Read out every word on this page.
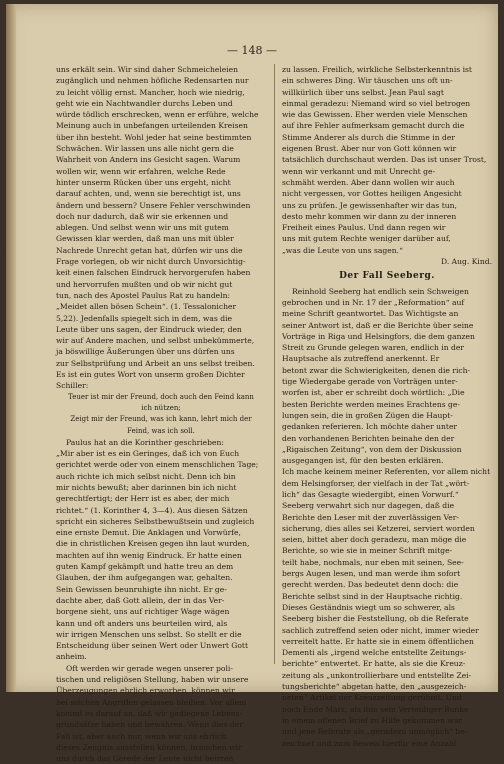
— 148 —
uns erkält sein. Wir sind daher Schmeicheleien
zugänglich und nehmen höfliche Redensarten nur
zu leicht völlig ernst. Mancher, hoch wie niedrig,
geht wie ein Nachtwandler durchs Leben und
würde tödlich erschrecken, wenn er erführe, welche
Meinung auch in unbefangen urteilenden Kreisen
über ihn besteht. Wohl jeder hat seine bestimmten
Schwächen. Wir lassen uns alle nicht gern die
Wahrheit von Andern ins Gesicht sagen. Warum
wollen wir, wenn wir erfahren, welche Rede
hinter unserm Rücken über uns ergeht, nicht
darauf achten, und, wenn sie berechtigt ist, uns
ändern und bessern? Unsere Fehler verschwinden
doch nur dadurch, daß wir sie erkennen und
ablegen. Und selbst wenn wir uns mit gutem
Gewissen klar werden, daß man uns mit übler
Nachrede Unrecht getan hat, dürfen wir uns die
Frage vorlegen, ob wir nicht durch Unvorsichtig-
keit einen falschen Eindruck hervorgerufen haben
und hervorrufen mußten und ob wir nicht gut
tun, nach des Apostel Paulus Rat zu handeln:
„Meidet allen bösen Schein“. (1. Tessalonicher
5,22). Jedenfalls spiegelt sich in dem, was die
Leute über uns sagen, der Eindruck wieder, den
wir auf Andere machen, und selbst unbekümmerte,
ja böswillige Äußerungen über uns dürfen uns
zur Selbstprüfung und Arbeit an uns selbst treiben.
Es ist ein gutes Wort von unserm großen Dichter
Schiller:
Teuer ist mir der Freund, doch auch den Feind kann
ich nützen;
Zeigt mir der Freund, was ich kann, lehrt mich der
Feind, was ich soll.
Paulus hat an die Korinther geschrieben:
„Mir aber ist es ein Geringes, daß ich von Euch
gerichtet werde oder von einem menschlichen Tage;
auch richte ich mich selbst nicht. Denn ich bin
mir nichts bewußt; aber darinnen bin ich nicht
gerechtfertigt; der Herr ist es aber, der mich
richtet.“ (1. Korinther 4, 3—4). Aus diesen Sätzen
spricht ein sicheres Selbstbewußtsein und zugleich
eine ernste Demut. Die Anklagen und Vorwürfe,
die in christlichen Kreisen gegen ihn laut wurden,
machten auf ihn wenig Eindruck. Er hatte einen
guten Kampf gekämpft und hatte treu an dem
Glauben, der ihm aufgegangen war, gehalten.
Sein Gewissen beunruhigte ihn nicht. Er ge-
dachte aber, daß Gott allein, der in das Ver-
borgene sieht, uns auf richtiger Wage wägen
kann und oft anders uns beurteilen wird, als
wir irrigen Menschen uns selbst. So stellt er die
Entscheidung über seinen Wert oder Unwert Gott
anheim.
Oft werden wir gerade wegen unserer poli-
tischen und religiösen Stellung, haben wir unsere
Überzeugungen ehrlich erworben, können wir
bei solchen Angriffen gelassen bleiben. Vor allem
kommt es darauf an, daß wir gediegene Lebens-
grundsätze haben und bewähren. Wenn dies der
Fall ist, aber auch nur, wenn wir uns ehrlich
dieses Zeugnis ausstellen können, brauchen wir
uns durch das Gerede der Leute nicht beirren
zu lassen. Freilich, wirkliche Selbsterkenntnis ist
ein schweres Ding. Wir täuschen uns oft un-
willkürlich über uns selbst. Jean Paul sagt
einmal geradezu: Niemand wird so viel betrogen
wie das Gewissen. Eher werden viele Menschen
auf ihre Fehler aufmerksam gemacht durch die
Stimme Anderer als durch die Stimme in der
eigenen Brust. Aber nur von Gott können wir
tatsächlich durchschaut werden. Das ist unser Trost,
wenn wir verkannt und mit Unrecht ge-
schmäht werden. Aber dann wollen wir auch
nicht vergessen, vor Gottes heiligen Angesicht
uns zu prüfen. Je gewissenhafter wir das tun,
desto mehr kommen wir dann zu der inneren
Freiheit eines Paulus. Und dann regen wir
uns mit gutem Rechte weniger darüber auf,
„was die Leute von uns sagen.“
D. Aug. Kind.
Der Fall Seeberg.
Reinhold Seeberg hat endlich sein Schweigen
gebrochen und in Nr. 17 der „Reformation“ auf
meine Schrift geantwortet. Das Wichtigste an
seiner Antwort ist, daß er die Berichte über seine
Vorträge in Riga und Helsingfors, die dem ganzen
Streit zu Grunde gelegen waren, endlich in der
Hauptsache als zutreffend anerkennt. Er
betont zwar die Schwierigkeiten, denen die rich-
tige Wiedergabe gerade von Vorträgen unter-
worfen ist, aber er schreibt doch wörtlich: „Die
besten Berichte werden meines Erachtens ge-
lungen sein, die in großen Zügen die Haupt-
gedanken referieren. Ich möchte daher unter
den vorhandenen Berichten beinahe den der
„Rigaischen Zeitung“, von dem der Diskussion
ausgegangen ist, für den besten erklären.
Ich mache keinem meiner Referenten, vor allem nicht
dem Helsingforser, der vielfach in der Tat „wört-
lich“ das Gesagte wiedergibt, einen Vorwurf.“
Seeberg verwahrt sich nur dagegen, daß die
Berichte den Leser mit der zuverlässigen Ver-
sicherung, dies alles sei Ketzerei, serviert worden
seien, bittet aber doch geradezu, man möge die
Berichte, so wie sie in meiner Schrift mitge-
teilt habe, nochmals, nur eben mit seinen, See-
bergs Augen lesen, und man werde ihm sofort
gerecht werden. Das bedeutet denn doch: die
Berichte selbst sind in der Hauptsache richtig.
Dieses Geständnis wiegt um so schwerer, als
Seeberg bisher die Feststellung, ob die Referate
sachlich zutreffend seien oder nicht, immer wieder
verreitelt hatte. Er hatte sie in einem öffentlichen
Dementi als „irgend welche entstellte Zeitungs-
berichte“ entwertet. Er hatte, als sie die Kreuz-
zeitung als „unkontrollierbare und entstellte Zei-
tungsberichte“ abgetan hatte, den „ausgezeich-
neten“ Artikel der Kreuzzeitung gerühmt. Und
noch Ende März, als ihm sein Verteidiger Bunke
in einem offenen Brief zu Hilfe gekommen war
und jene Referate als „geradezu unmöglich“ be-
zeichnet und zum Beweis hierfür eine Anzahl
